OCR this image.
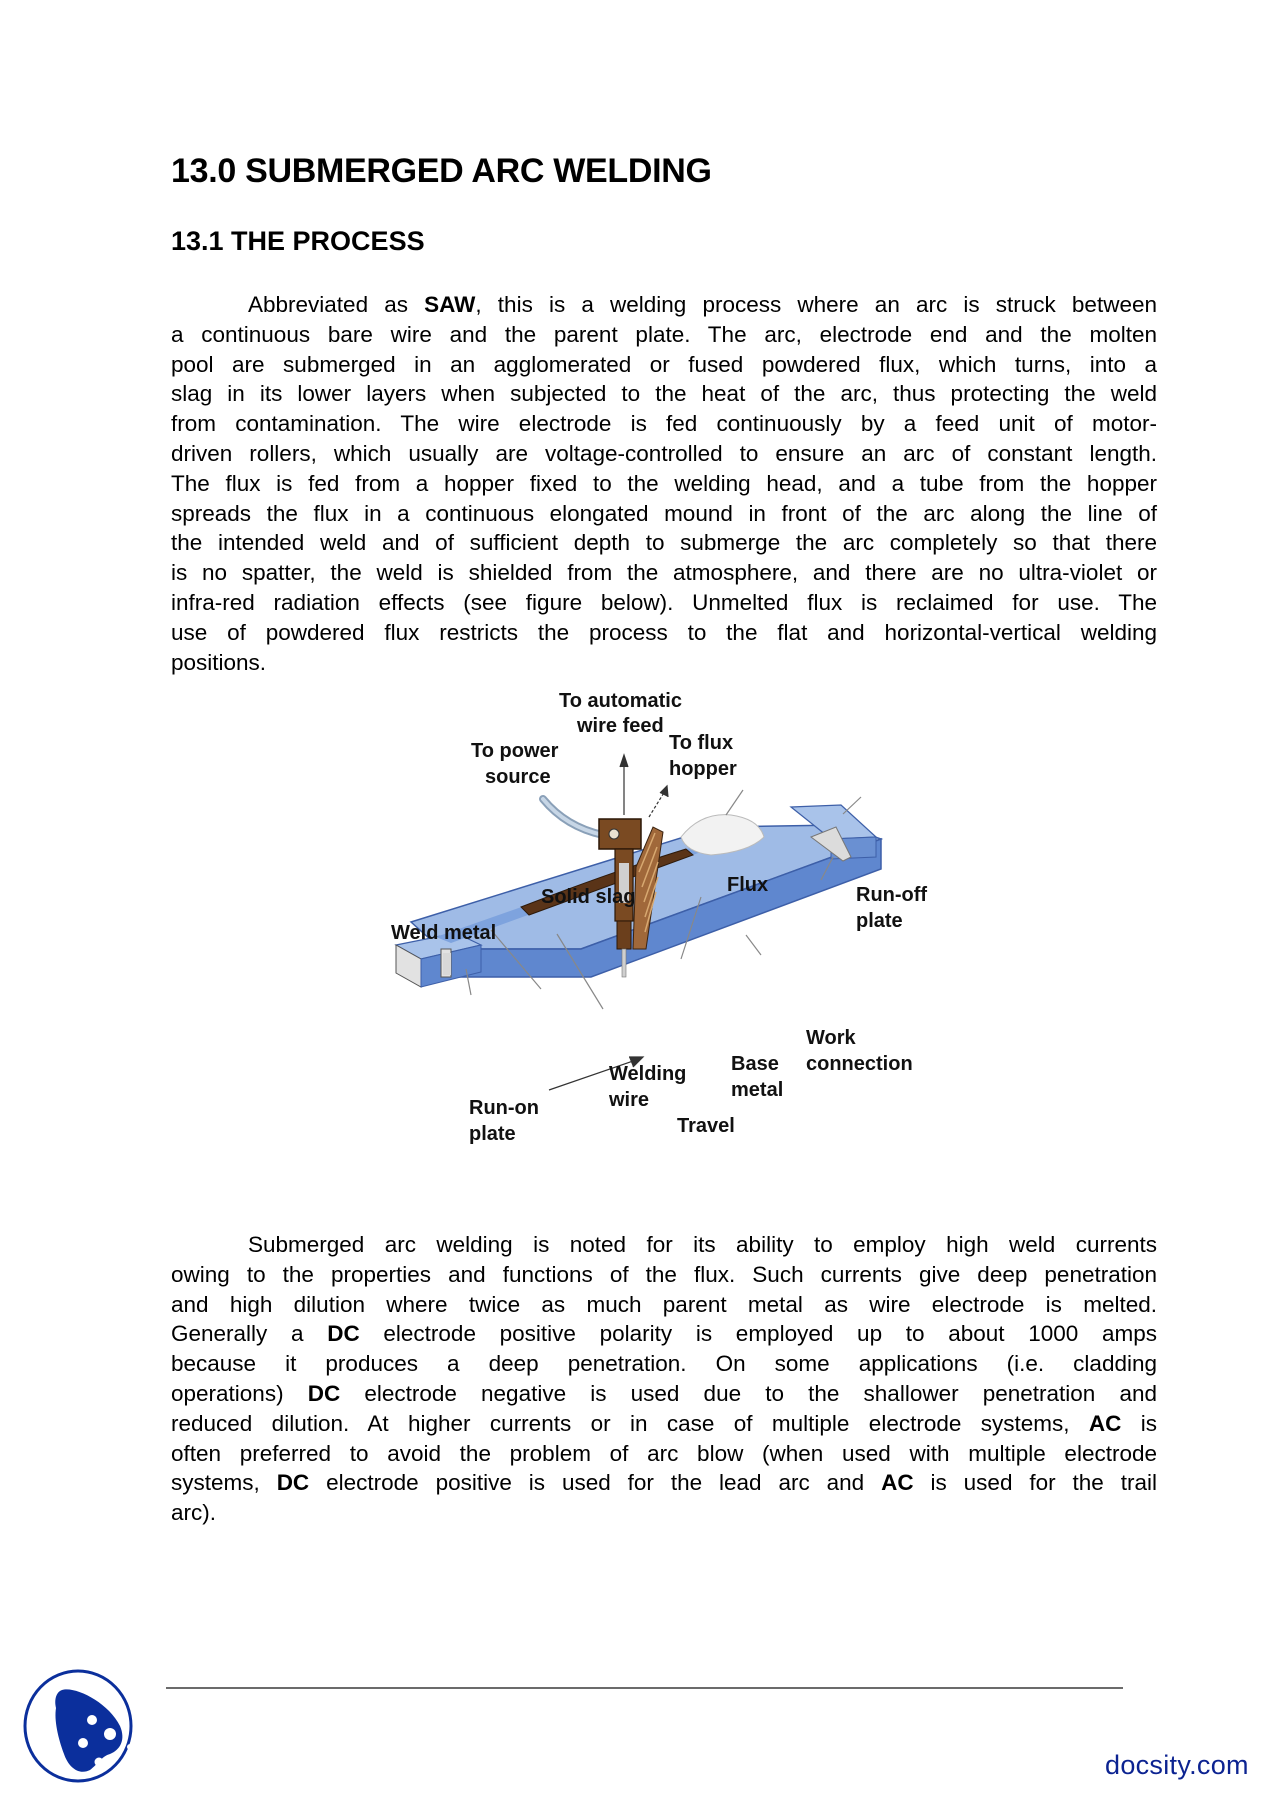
13.0 SUBMERGED ARC WELDING
13.1 THE PROCESS
Abbreviated as SAW, this is a welding process where an arc is struck between
a continuous bare wire and the parent plate. The arc, electrode end and the molten
pool are submerged in an agglomerated or fused powdered flux, which turns, into a
slag in its lower layers when subjected to the heat of the arc, thus protecting the weld
from contamination. The wire electrode is fed continuously by a feed unit of motor-
driven rollers, which usually are voltage-controlled to ensure an arc of constant length.
The flux is fed from a hopper fixed to the welding head, and a tube from the hopper
spreads the flux in a continuous elongated mound in front of the arc along the line of
the intended weld and of sufficient depth to submerge the arc completely so that there
is no spatter, the weld is shielded from the atmosphere, and there are no ultra-violet or
infra-red radiation effects (see figure below). Unmelted flux is reclaimed for use. The
use of powdered flux restricts the process to the flat and horizontal-vertical welding
positions.
To automatic
wire feed
To power
source
To flux
hopper
Flux
Solid slag
Weld metal
Run-off
plate
Work
connection
Base
metal
Welding
wire
Run-on
plate	Travel
Submerged arc welding is noted for its ability to employ high weld currents
owing to the properties and functions of the flux. Such currents give deep penetration
and high dilution where twice as much parent metal as wire electrode is melted.
Generally a DC electrode positive polarity is employed up to about 1000 amps
because it produces a deep penetration. On some applications (i.e. cladding
operations) DC electrode negative is used due to the shallower penetration and
reduced dilution. At higher currents or in case of multiple electrode systems, AC is
often preferred to avoid the problem of arc blow (when used with multiple electrode
systems, DC electrode positive is used for the lead arc and AC is used for the trail
arc).
docsity.com
